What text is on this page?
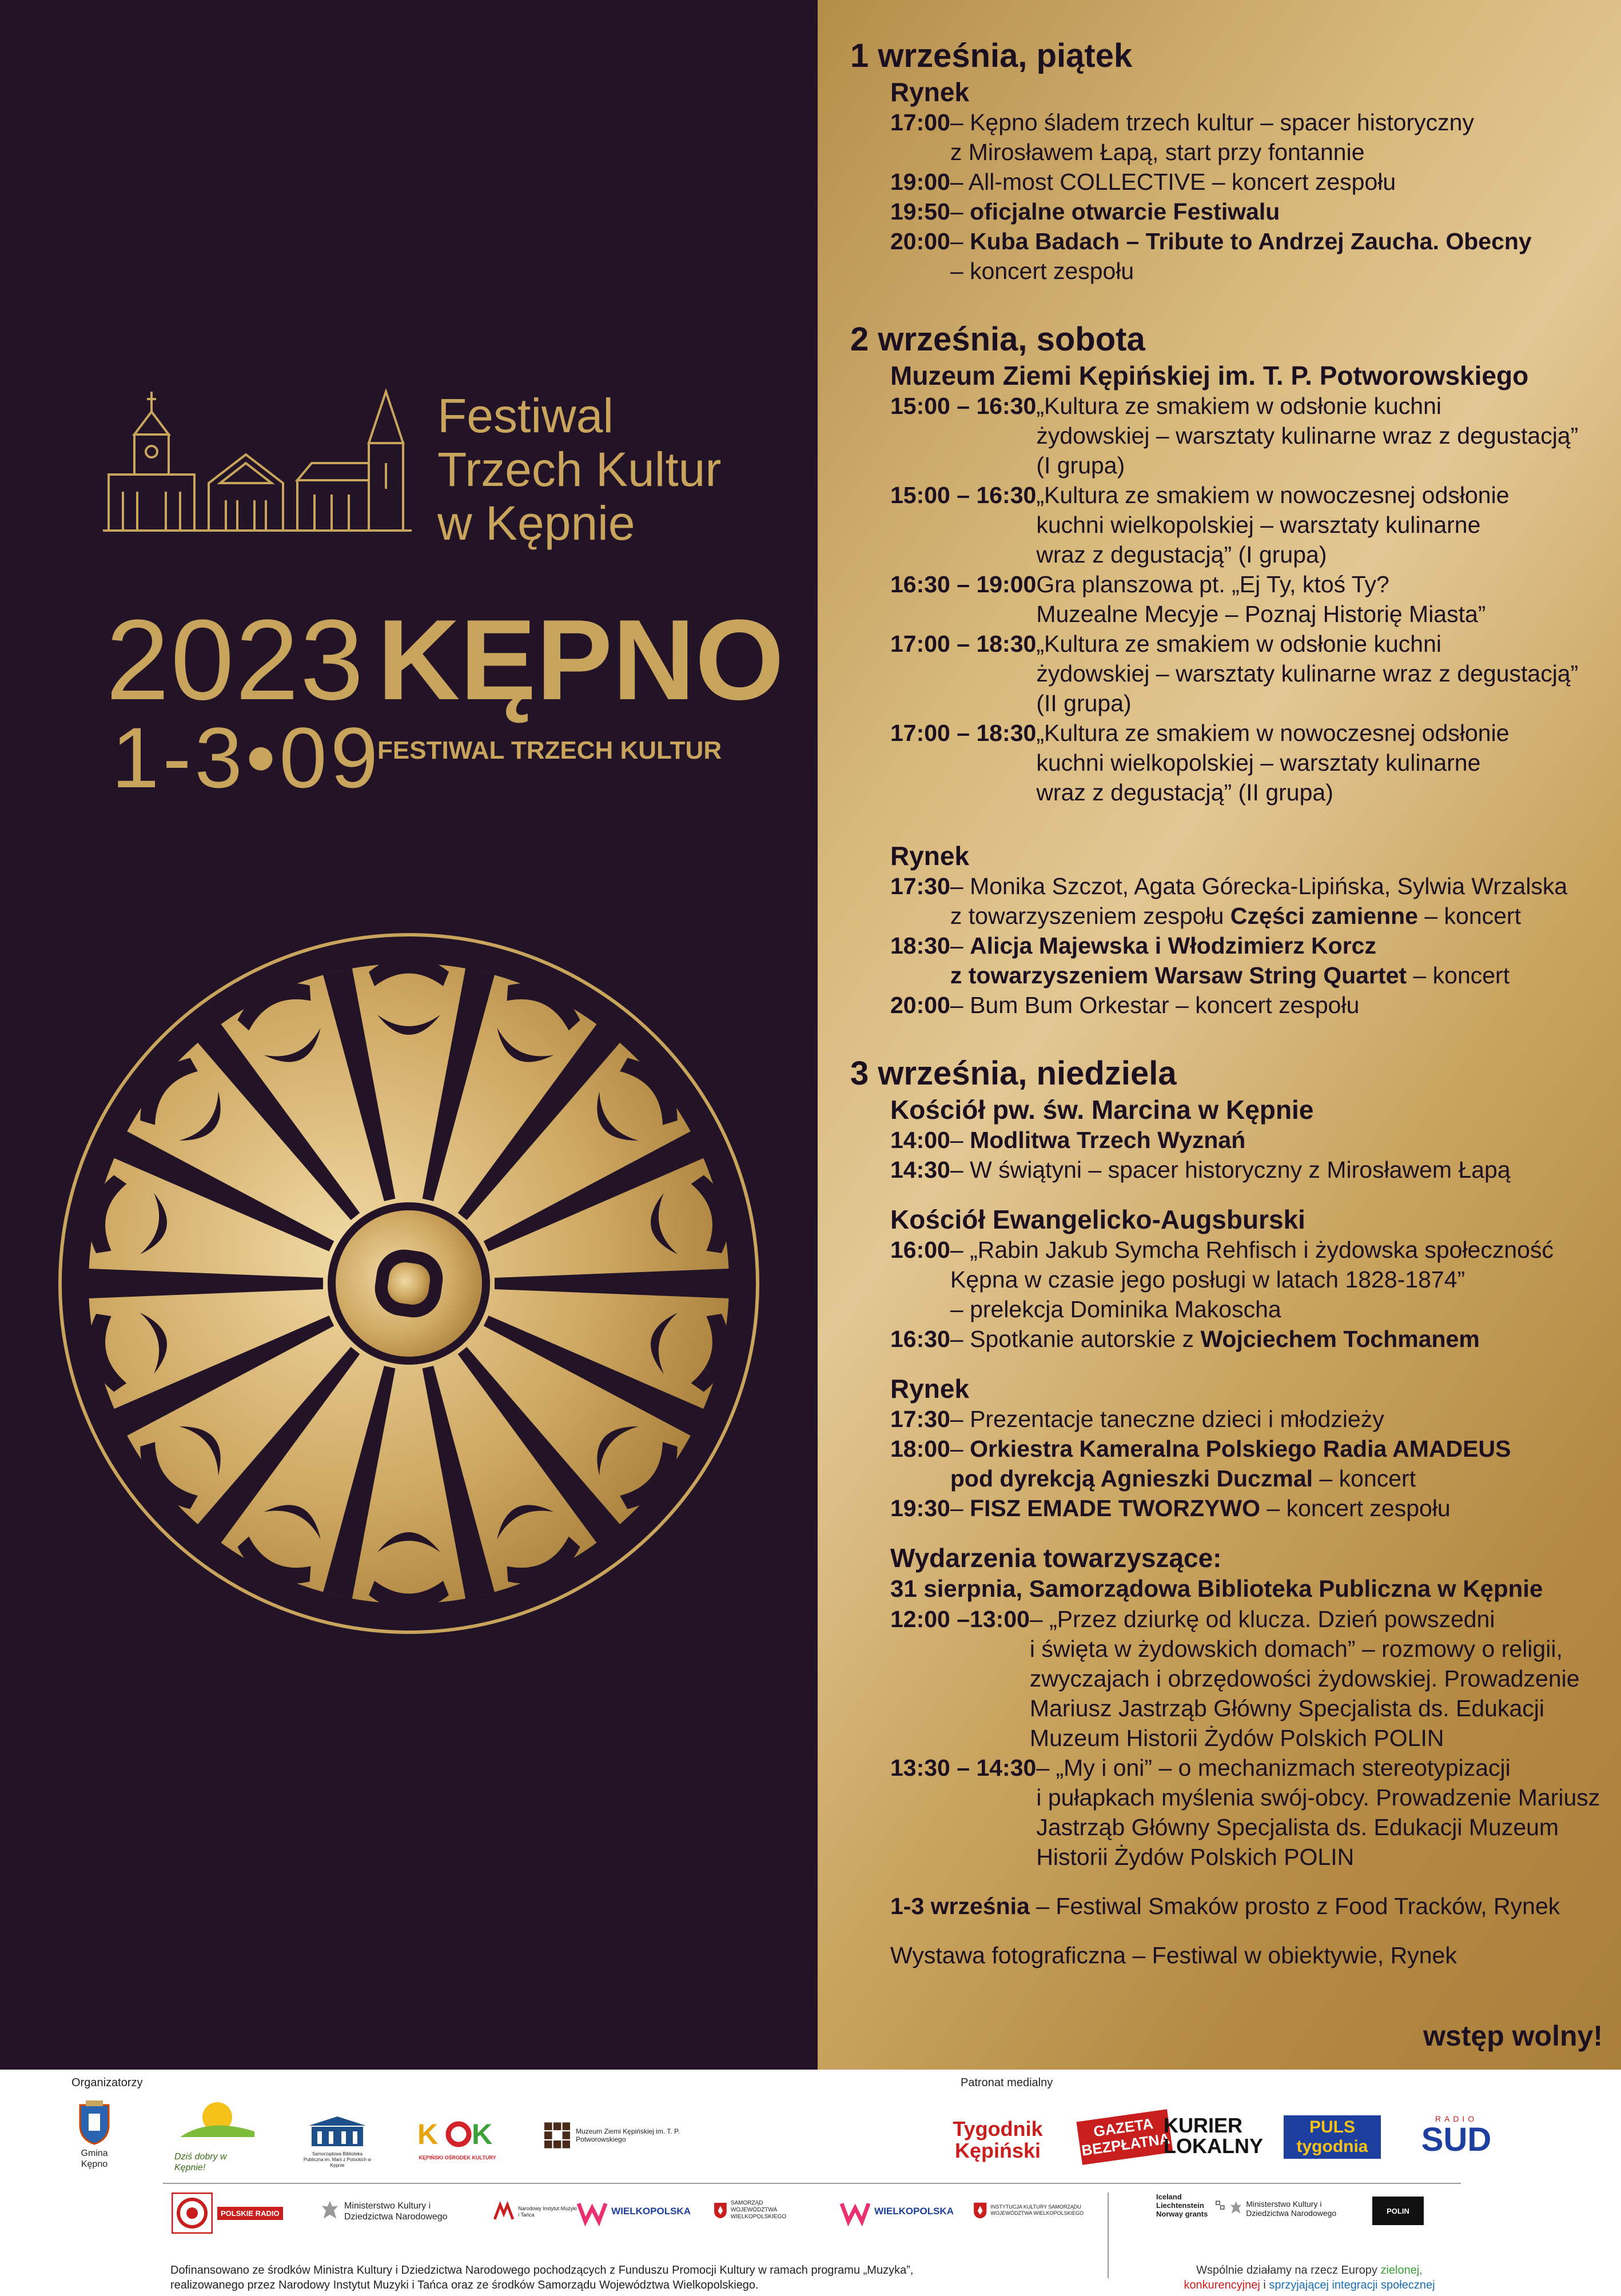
Festiwal
Trzech Kultur
w Kępnie
2023 KĘPNO
1-3•09
FESTIWAL TRZECH KULTUR
1 września, piątek
Rynek
17:00 – Kępno śladem trzech kultur – spacer historyczny
z Mirosławem Łapą, start przy fontannie
19:00 – All-most COLLECTIVE – koncert zespołu
19:50 – oficjalne otwarcie Festiwalu
20:00 – Kuba Badach – Tribute to Andrzej Zaucha. Obecny
– koncert zespołu
2 września, sobota
Muzeum Ziemi Kępińskiej im. T. P. Potworowskiego
15:00 – 16:30 „Kultura ze smakiem w odsłonie kuchni
żydowskiej – warsztaty kulinarne wraz z degustacją”
(I grupa)
15:00 – 16:30 „Kultura ze smakiem w nowoczesnej odsłonie
kuchni wielkopolskiej – warsztaty kulinarne
wraz z degustacją” (I grupa)
16:30 – 19:00 Gra planszowa pt. „Ej Ty, ktoś Ty?
Muzealne Mecyje – Poznaj Historię Miasta”
17:00 – 18:30 „Kultura ze smakiem w odsłonie kuchni
żydowskiej – warsztaty kulinarne wraz z degustacją”
(II grupa)
17:00 – 18:30 „Kultura ze smakiem w nowoczesnej odsłonie
kuchni wielkopolskiej – warsztaty kulinarne
wraz z degustacją” (II grupa)
Rynek
17:30 – Monika Szczot, Agata Górecka-Lipińska, Sylwia Wrzalska
z towarzyszeniem zespołu Części zamienne – koncert
18:30 – Alicja Majewska i Włodzimierz Korcz
z towarzyszeniem Warsaw String Quartet – koncert
20:00 – Bum Bum Orkestar – koncert zespołu
3 września, niedziela
Kościół pw. św. Marcina w Kępnie
14:00 – Modlitwa Trzech Wyznań
14:30 – W świątyni – spacer historyczny z Mirosławem Łapą
Kościół Ewangelicko-Augsburski
16:00 – „Rabin Jakub Symcha Rehfisch i żydowska społeczność
Kępna w czasie jego posługi w latach 1828-1874”
– prelekcja Dominika Makoscha
16:30 – Spotkanie autorskie z Wojciechem Tochmanem
Rynek
17:30 – Prezentacje taneczne dzieci i młodzieży
18:00 – Orkiestra Kameralna Polskiego Radia AMADEUS
pod dyrekcją Agnieszki Duczmal – koncert
19:30 – FISZ EMADE TWORZYWO – koncert zespołu
Wydarzenia towarzyszące:
31 sierpnia, Samorządowa Biblioteka Publiczna w Kępnie
12:00 –13:00 – „Przez dziurkę od klucza. Dzień powszedni
i święta w żydowskich domach” – rozmowy o religii,
zwyczajach i obrzędowości żydowskiej. Prowadzenie
Mariusz Jastrząb Główny Specjalista ds. Edukacji
Muzeum Historii Żydów Polskich POLIN
13:30 – 14:30 – „My i oni” – o mechanizmach stereotypizacji
i pułapkach myślenia swój-obcy. Prowadzenie Mariusz
Jastrząb Główny Specjalista ds. Edukacji Muzeum
Historii Żydów Polskich POLIN
1-3 września – Festiwal Smaków prosto z Food Tracków, Rynek
Wystawa fotograficzna – Festiwal w obiektywie, Rynek
wstęp wolny!
Organizatorzy	Patronat medialny
Gmina Kępno
Dziś dobry w Kępnie!
Samorządowa Biblioteka Publiczna im. Marii z Potockich w Kępnie
K K
KĘPIŃSKI OŚRODEK KULTURY
Muzeum Ziemi Kępińskiej im. T. P. Potworowskiego	Tygodnik Kępiński
GAZETA BEZPŁATNA
KURIER LOKALNY
PULS tygodnia
RADIO
SUD
POLSKIE RADIO
Ministerstwo Kultury i Dziedzictwa Narodowego
Narodowy Instytut Muzyki i Tańca	WIELKOPOLSKA
SAMORZĄD WOJEWÓDZTWA WIELKOPOLSKIEGO
WIELKOPOLSKA	INSTYTUCJA KULTURY SAMORZĄDU WOJEWÓDZTWA WIELKOPOLSKIEGO
Iceland Liechtenstein Norway grants
Ministerstwo Kultury i Dziedzictwa Narodowego	POLIN
Dofinansowano ze środków Ministra Kultury i Dziedzictwa Narodowego pochodzących z Funduszu Promocji Kultury w ramach programu „Muzyka”,
realizowanego przez Narodowy Instytut Muzyki i Tańca oraz ze środków Samorządu Województwa Wielkopolskiego.
Wspólnie działamy na rzecz Europy zielonej,
konkurencyjnej i sprzyjającej integracji społecznej
